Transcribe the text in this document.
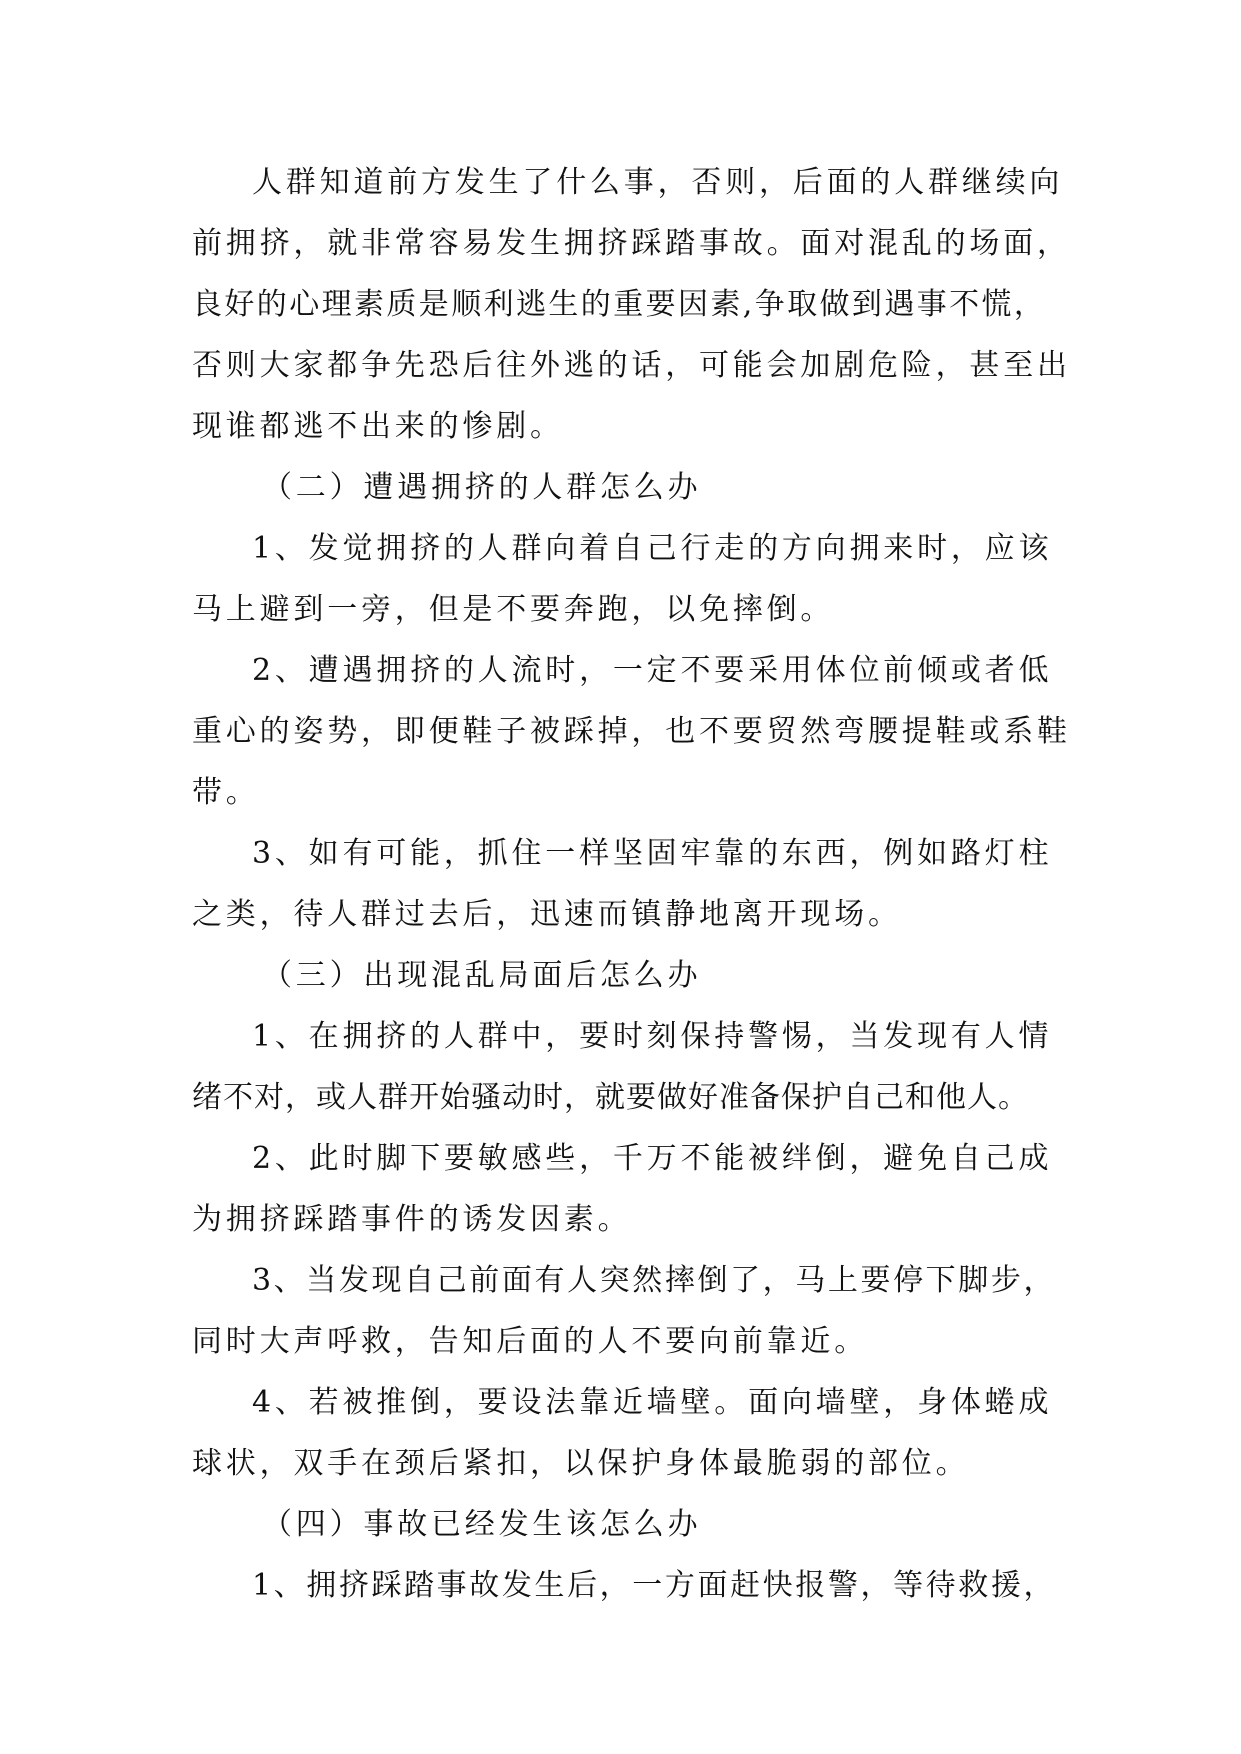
人群知道前方发生了什么事，否则，后面的人群继续向
前拥挤，就非常容易发生拥挤踩踏事故。面对混乱的场面，
良好的心理素质是顺利逃生的重要因素,争取做到遇事不慌，
否则大家都争先恐后往外逃的话，可能会加剧危险，甚至出
现谁都逃不出来的惨剧。
（二）遭遇拥挤的人群怎么办
1、发觉拥挤的人群向着自己行走的方向拥来时，应该
马上避到一旁，但是不要奔跑，以免摔倒。
2、遭遇拥挤的人流时，一定不要采用体位前倾或者低
重心的姿势，即便鞋子被踩掉，也不要贸然弯腰提鞋或系鞋
带。
3、如有可能，抓住一样坚固牢靠的东西，例如路灯柱
之类，待人群过去后，迅速而镇静地离开现场。
（三）出现混乱局面后怎么办
1、在拥挤的人群中，要时刻保持警惕，当发现有人情
绪不对，或人群开始骚动时，就要做好准备保护自己和他人。
2、此时脚下要敏感些，千万不能被绊倒，避免自己成
为拥挤踩踏事件的诱发因素。
3、当发现自己前面有人突然摔倒了，马上要停下脚步，
同时大声呼救，告知后面的人不要向前靠近。
4、若被推倒，要设法靠近墙壁。面向墙壁，身体蜷成
球状，双手在颈后紧扣，以保护身体最脆弱的部位。
（四）事故已经发生该怎么办
1、拥挤踩踏事故发生后，一方面赶快报警，等待救援，
